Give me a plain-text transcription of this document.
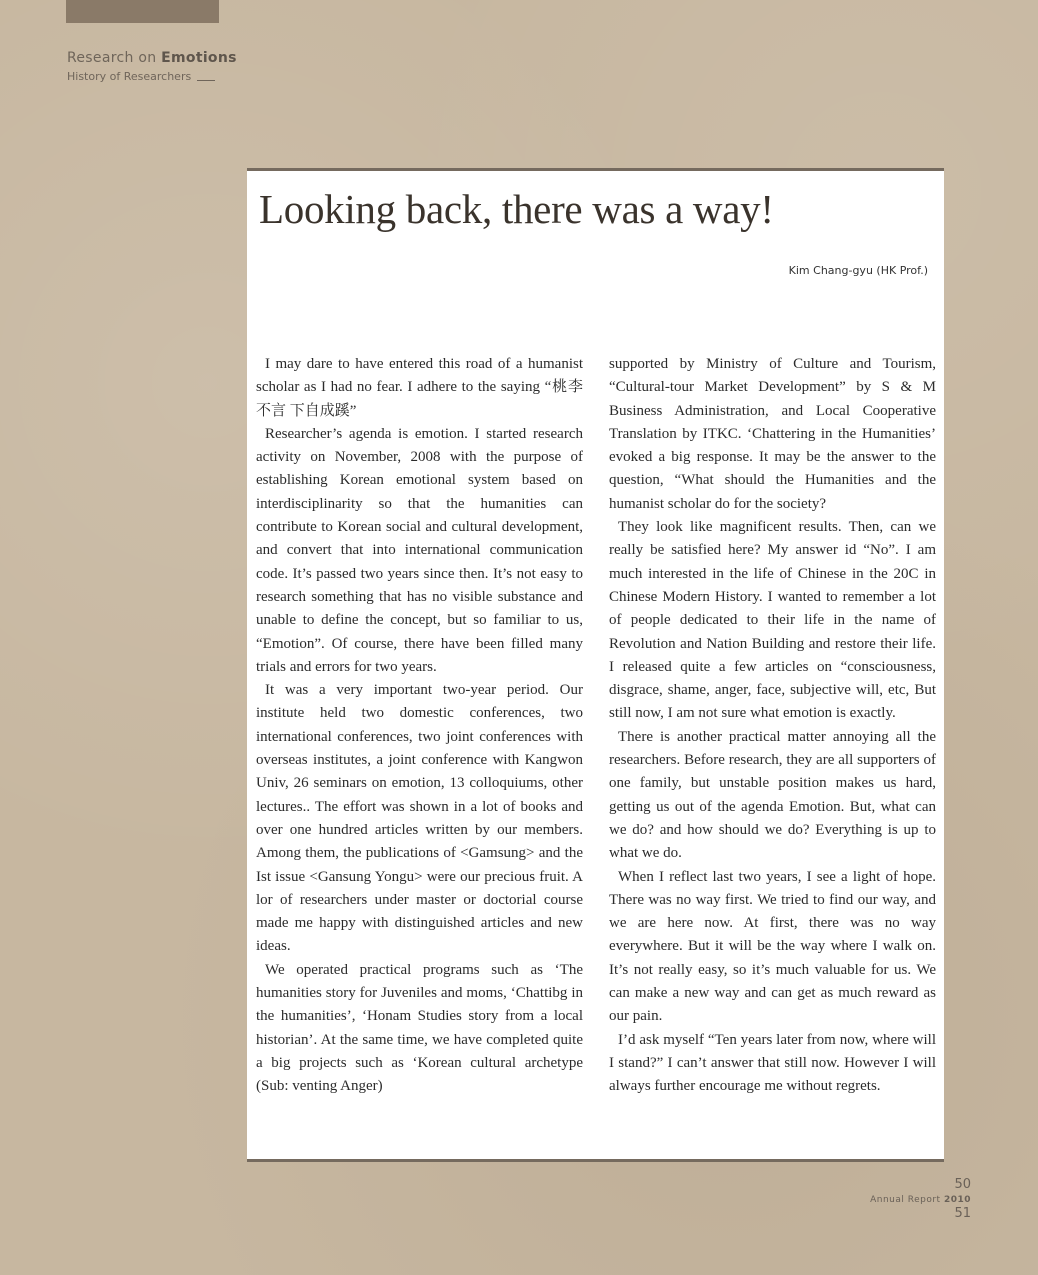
Research on Emotions
History of Researchers
Looking back, there was a way!
Kim Chang-gyu (HK Prof.)

I may dare to have entered this road of a humanist scholar as I had no fear. I adhere to the saying “桃李不言 下自成蹊”

Researcher’s agenda is emotion. I started research activity on November, 2008 with the purpose of establishing Korean emotional system based on interdisciplinarity so that the humanities can contribute to Korean social and cultural development, and convert that into international communication code. It’s passed two years since then. It’s not easy to research something that has no visible substance and unable to define the concept, but so familiar to us, “Emotion”. Of course, there have been filled many trials and errors for two years.

It was a very important two-year period. Our institute held two domestic conferences, two international conferences, two joint conferences with overseas institutes, a joint conference with Kangwon Univ, 26 seminars on emotion, 13 colloquiums, other lectures.. The effort was shown in a lot of books and over one hundred articles written by our members. Among them, the publications of <Gamsung> and the Ist issue <Gansung Yongu> were our precious fruit. A lor of researchers under master or doctorial course made me happy with distinguished articles and new ideas.

We operated practical programs such as ‘The humanities story for Juveniles and moms, ‘Chattibg in the humanities’, ‘Honam Studies story from a local historian’. At the same time, we have completed quite a big projects such as ‘Korean cultural archetype (Sub: venting Anger)

supported by Ministry of Culture and Tourism, “Cultural-tour Market Development” by S & M Business Administration, and Local Cooperative Translation by ITKC. ‘Chattering in the Humanities’ evoked a big response. It may be the answer to the question, “What should the Humanities and the humanist scholar do for the society?

They look like magnificent results. Then, can we really be satisfied here? My answer id “No”. I am much interested in the life of Chinese in the 20C in Chinese Modern History. I wanted to remember a lot of people dedicated to their life in the name of Revolution and Nation Building and restore their life. I released quite a few articles on “consciousness, disgrace, shame, anger, face, subjective will, etc, But still now, I am not sure what emotion is exactly.

There is another practical matter annoying all the researchers. Before research, they are all supporters of one family, but unstable position makes us hard, getting us out of the agenda Emotion. But, what can we do? and how should we do? Everything is up to what we do.

When I reflect last two years, I see a light of hope. There was no way first. We tried to find our way, and we are here now. At first, there was no way everywhere. But it will be the way where I walk on. It’s not really easy, so it’s much valuable for us. We can make a new way and can get as much reward as our pain.

I’d ask myself “Ten years later from now, where will I stand?” I can’t answer that still now. However I will always further encourage me without regrets.

50
Annual Report 2010
51
